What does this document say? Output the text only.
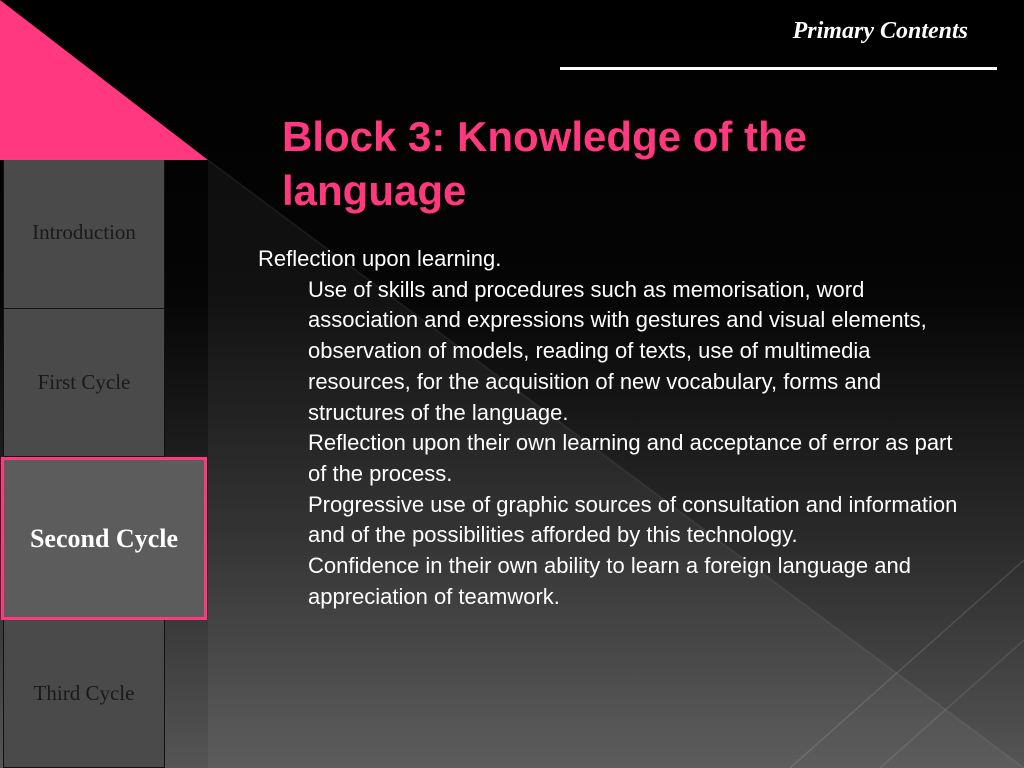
Introduction
First Cycle
Third Cycle
Second Cycle
Primary Contents
Block 3: Knowledge of the language

Reflection upon learning.

Use of skills and procedures such as memorisation, word association and expressions with gestures and visual elements, observation of models, reading of texts, use of multimedia resources, for the acquisition of new vocabulary, forms and structures of the language.
Reflection upon their own learning and acceptance of error as part of the process.
Progressive use of graphic sources of consultation and information and of the possibilities afforded by this technology.
Confidence in their own ability to learn a foreign language and appreciation of teamwork.
